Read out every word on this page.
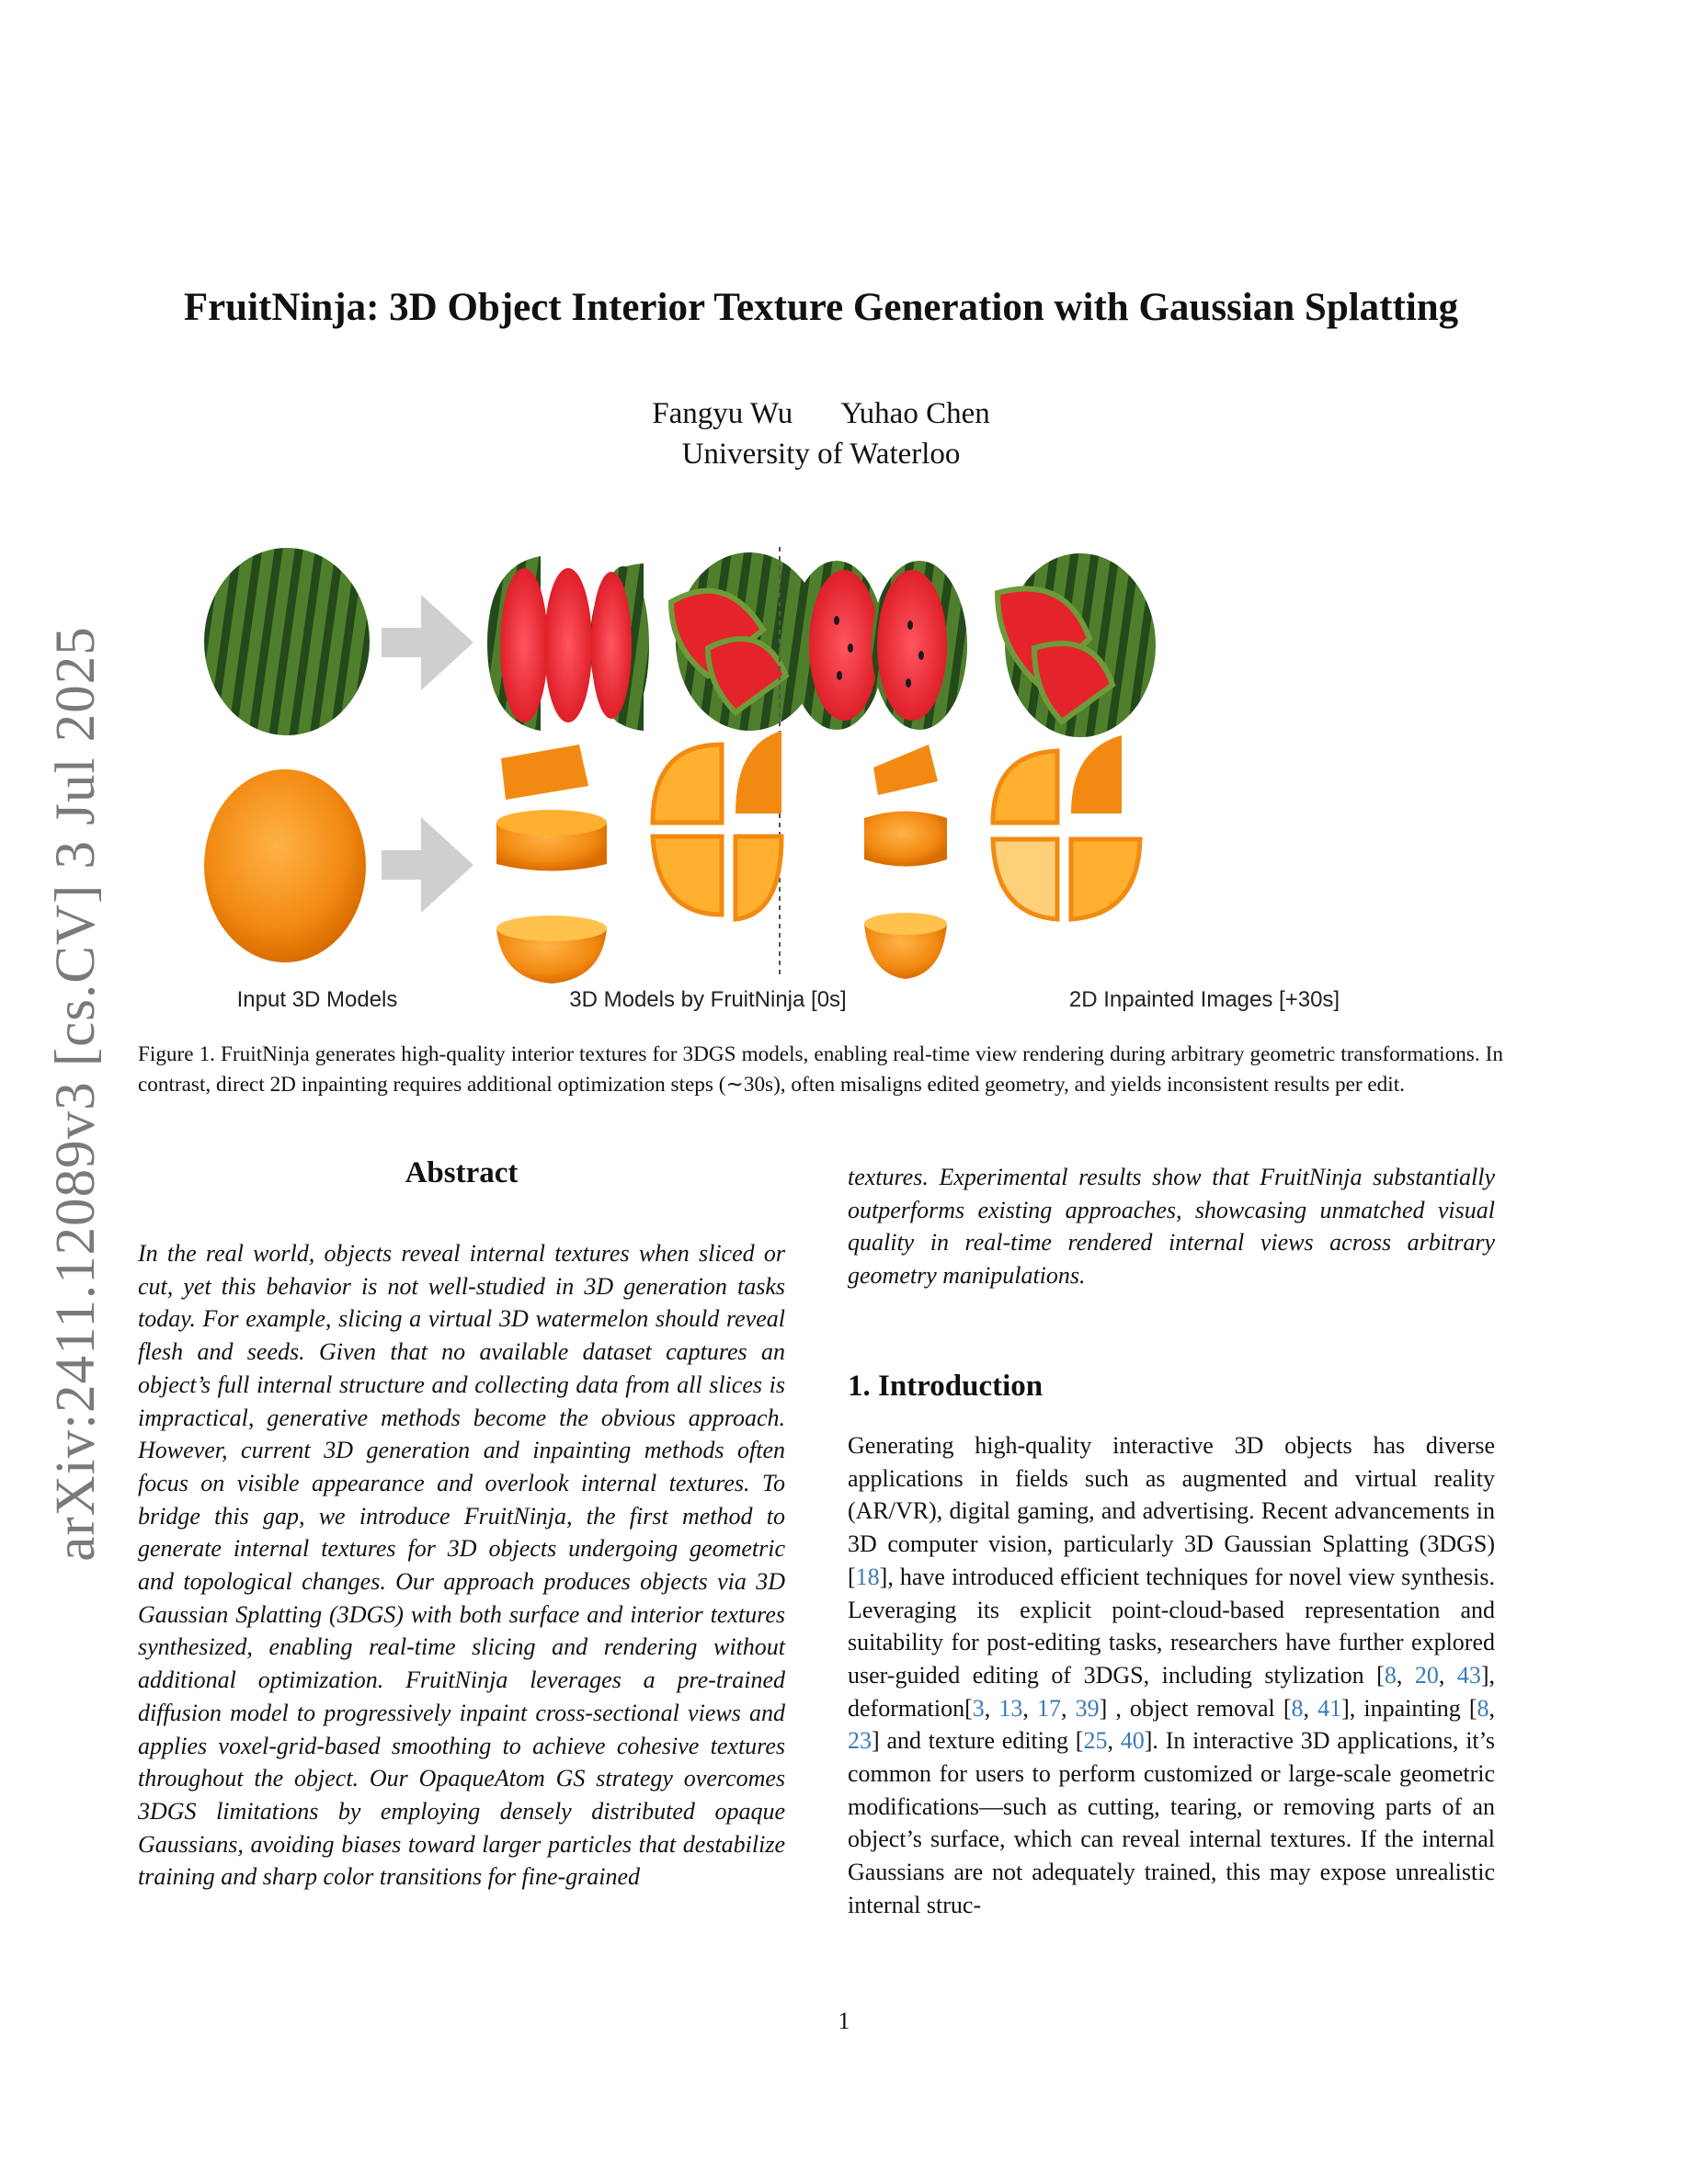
arXiv:2411.12089v3 [cs.CV] 3 Jul 2025
FruitNinja: 3D Object Interior Texture Generation with Gaussian Splatting
Fangyu Wu Yuhao Chen
University of Waterloo
Input 3D Models	3D Models by FruitNinja [0s]	2D Inpainted Images [+30s]
Figure 1. FruitNinja generates high-quality interior textures for 3DGS models, enabling real-time view rendering during arbitrary geometric transformations. In contrast, direct 2D inpainting requires additional optimization steps (∼30s), often misaligns edited geometry, and yields inconsistent results per edit.
Abstract
In the real world, objects reveal internal textures when sliced or cut, yet this behavior is not well-studied in 3D generation tasks today. For example, slicing a virtual 3D watermelon should reveal flesh and seeds. Given that no available dataset captures an object’s full internal structure and collecting data from all slices is impractical, generative methods become the obvious approach. However, current 3D generation and inpainting methods often focus on visible appearance and overlook internal textures. To bridge this gap, we introduce FruitNinja, the first method to generate internal textures for 3D objects undergoing geometric and topological changes. Our approach produces objects via 3D Gaussian Splatting (3DGS) with both surface and interior textures synthesized, enabling real-time slicing and rendering without additional optimization. FruitNinja leverages a pre-trained diffusion model to progressively inpaint cross-sectional views and applies voxel-grid-based smoothing to achieve cohesive textures throughout the object. Our OpaqueAtom GS strategy overcomes 3DGS limitations by employing densely distributed opaque Gaussians, avoiding biases toward larger particles that destabilize training and sharp color transitions for fine-grained
textures. Experimental results show that FruitNinja substantially outperforms existing approaches, showcasing unmatched visual quality in real-time rendered internal views across arbitrary geometry manipulations.
1. Introduction
Generating high-quality interactive 3D objects has diverse applications in fields such as augmented and virtual reality (AR/VR), digital gaming, and advertising. Recent advancements in 3D computer vision, particularly 3D Gaussian Splatting (3DGS) [18], have introduced efficient techniques for novel view synthesis. Leveraging its explicit point-cloud-based representation and suitability for post-editing tasks, researchers have further explored user-guided editing of 3DGS, including stylization [8, 20, 43], deformation[3, 13, 17, 39] , object removal [8, 41], inpainting [8, 23] and texture editing [25, 40]. In interactive 3D applications, it’s common for users to perform customized or large-scale geometric modifications—such as cutting, tearing, or removing parts of an object’s surface, which can reveal internal textures. If the internal Gaussians are not adequately trained, this may expose unrealistic internal struc-
1
